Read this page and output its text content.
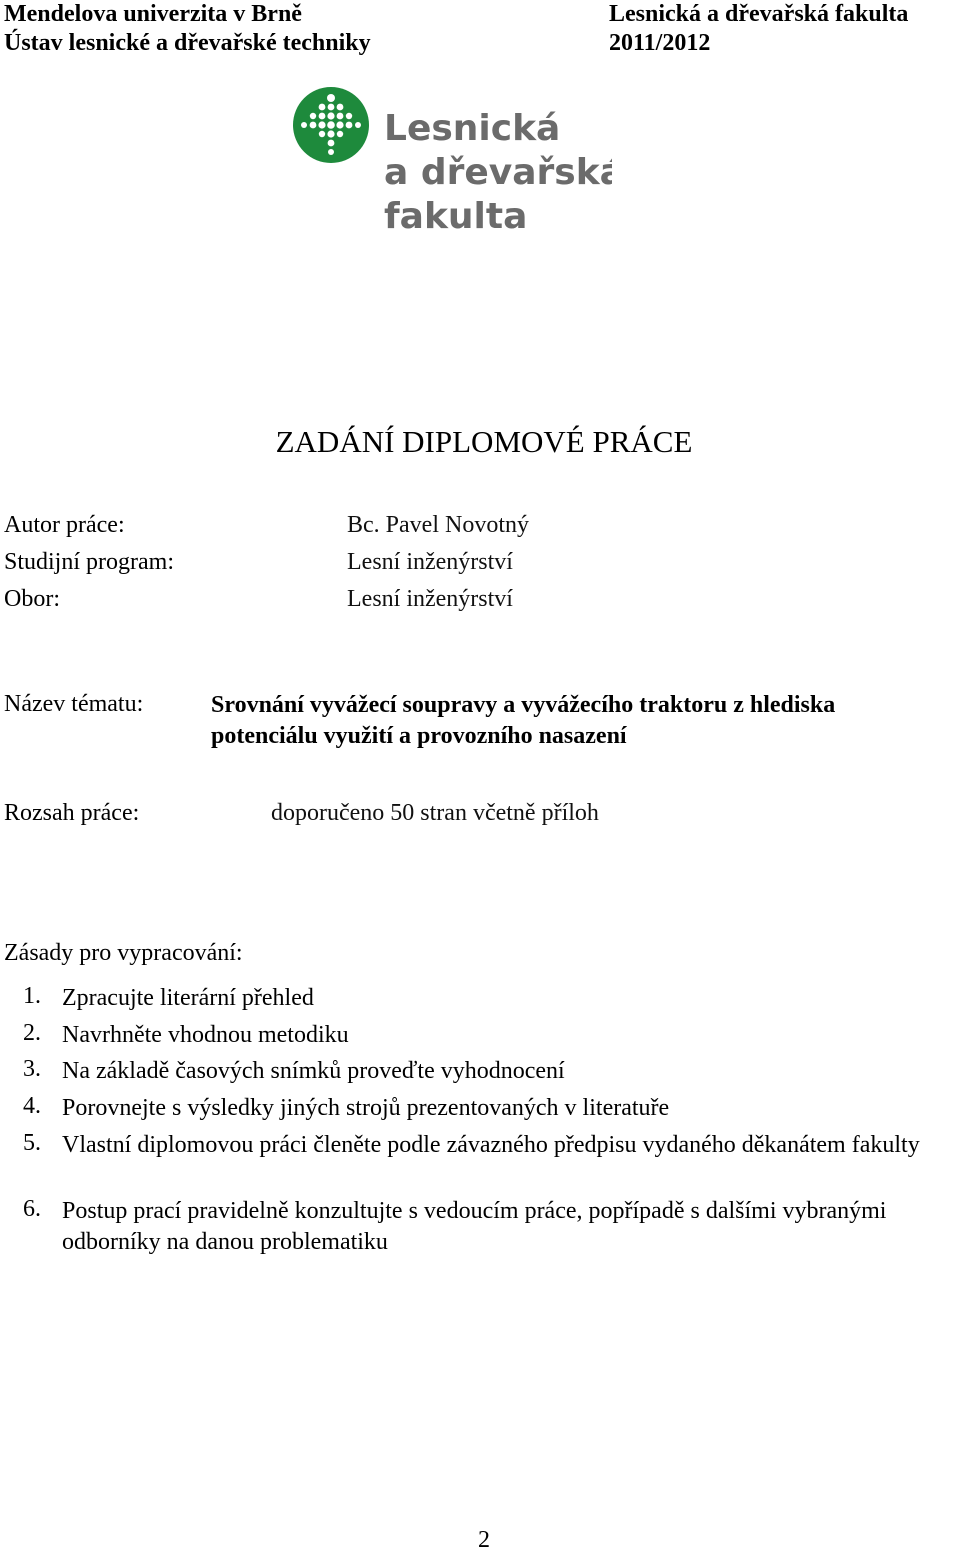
Mendelova univerzita v Brně
Ústav lesnické a dřevařské techniky
Lesnická a dřevařská fakulta
2011/2012
Lesnická
a dřevařská
fakulta
ZADÁNÍ DIPLOMOVÉ PRÁCE
Autor práce:	Bc. Pavel Novotný
Studijní program:	Lesní inženýrství
Obor:	Lesní inženýrství
Název tématu:	Srovnání vyvážecí soupravy a vyvážecího traktoru z hlediska
potenciálu využití a provozního nasazení
Rozsah práce:	doporučeno 50 stran včetně příloh
Zásady pro vypracování:
1. Zpracujte literární přehled
2. Navrhněte vhodnou metodiku
3. Na základě časových snímků proveďte vyhodnocení
4. Porovnejte s výsledky jiných strojů prezentovaných v literatuře
5. Vlastní diplomovou práci členěte podle závazného předpisu vydaného děkanátem fakulty
6. Postup prací pravidelně konzultujte s vedoucím práce, popřípadě s dalšími vybranými odborníky na danou problematiku
2
